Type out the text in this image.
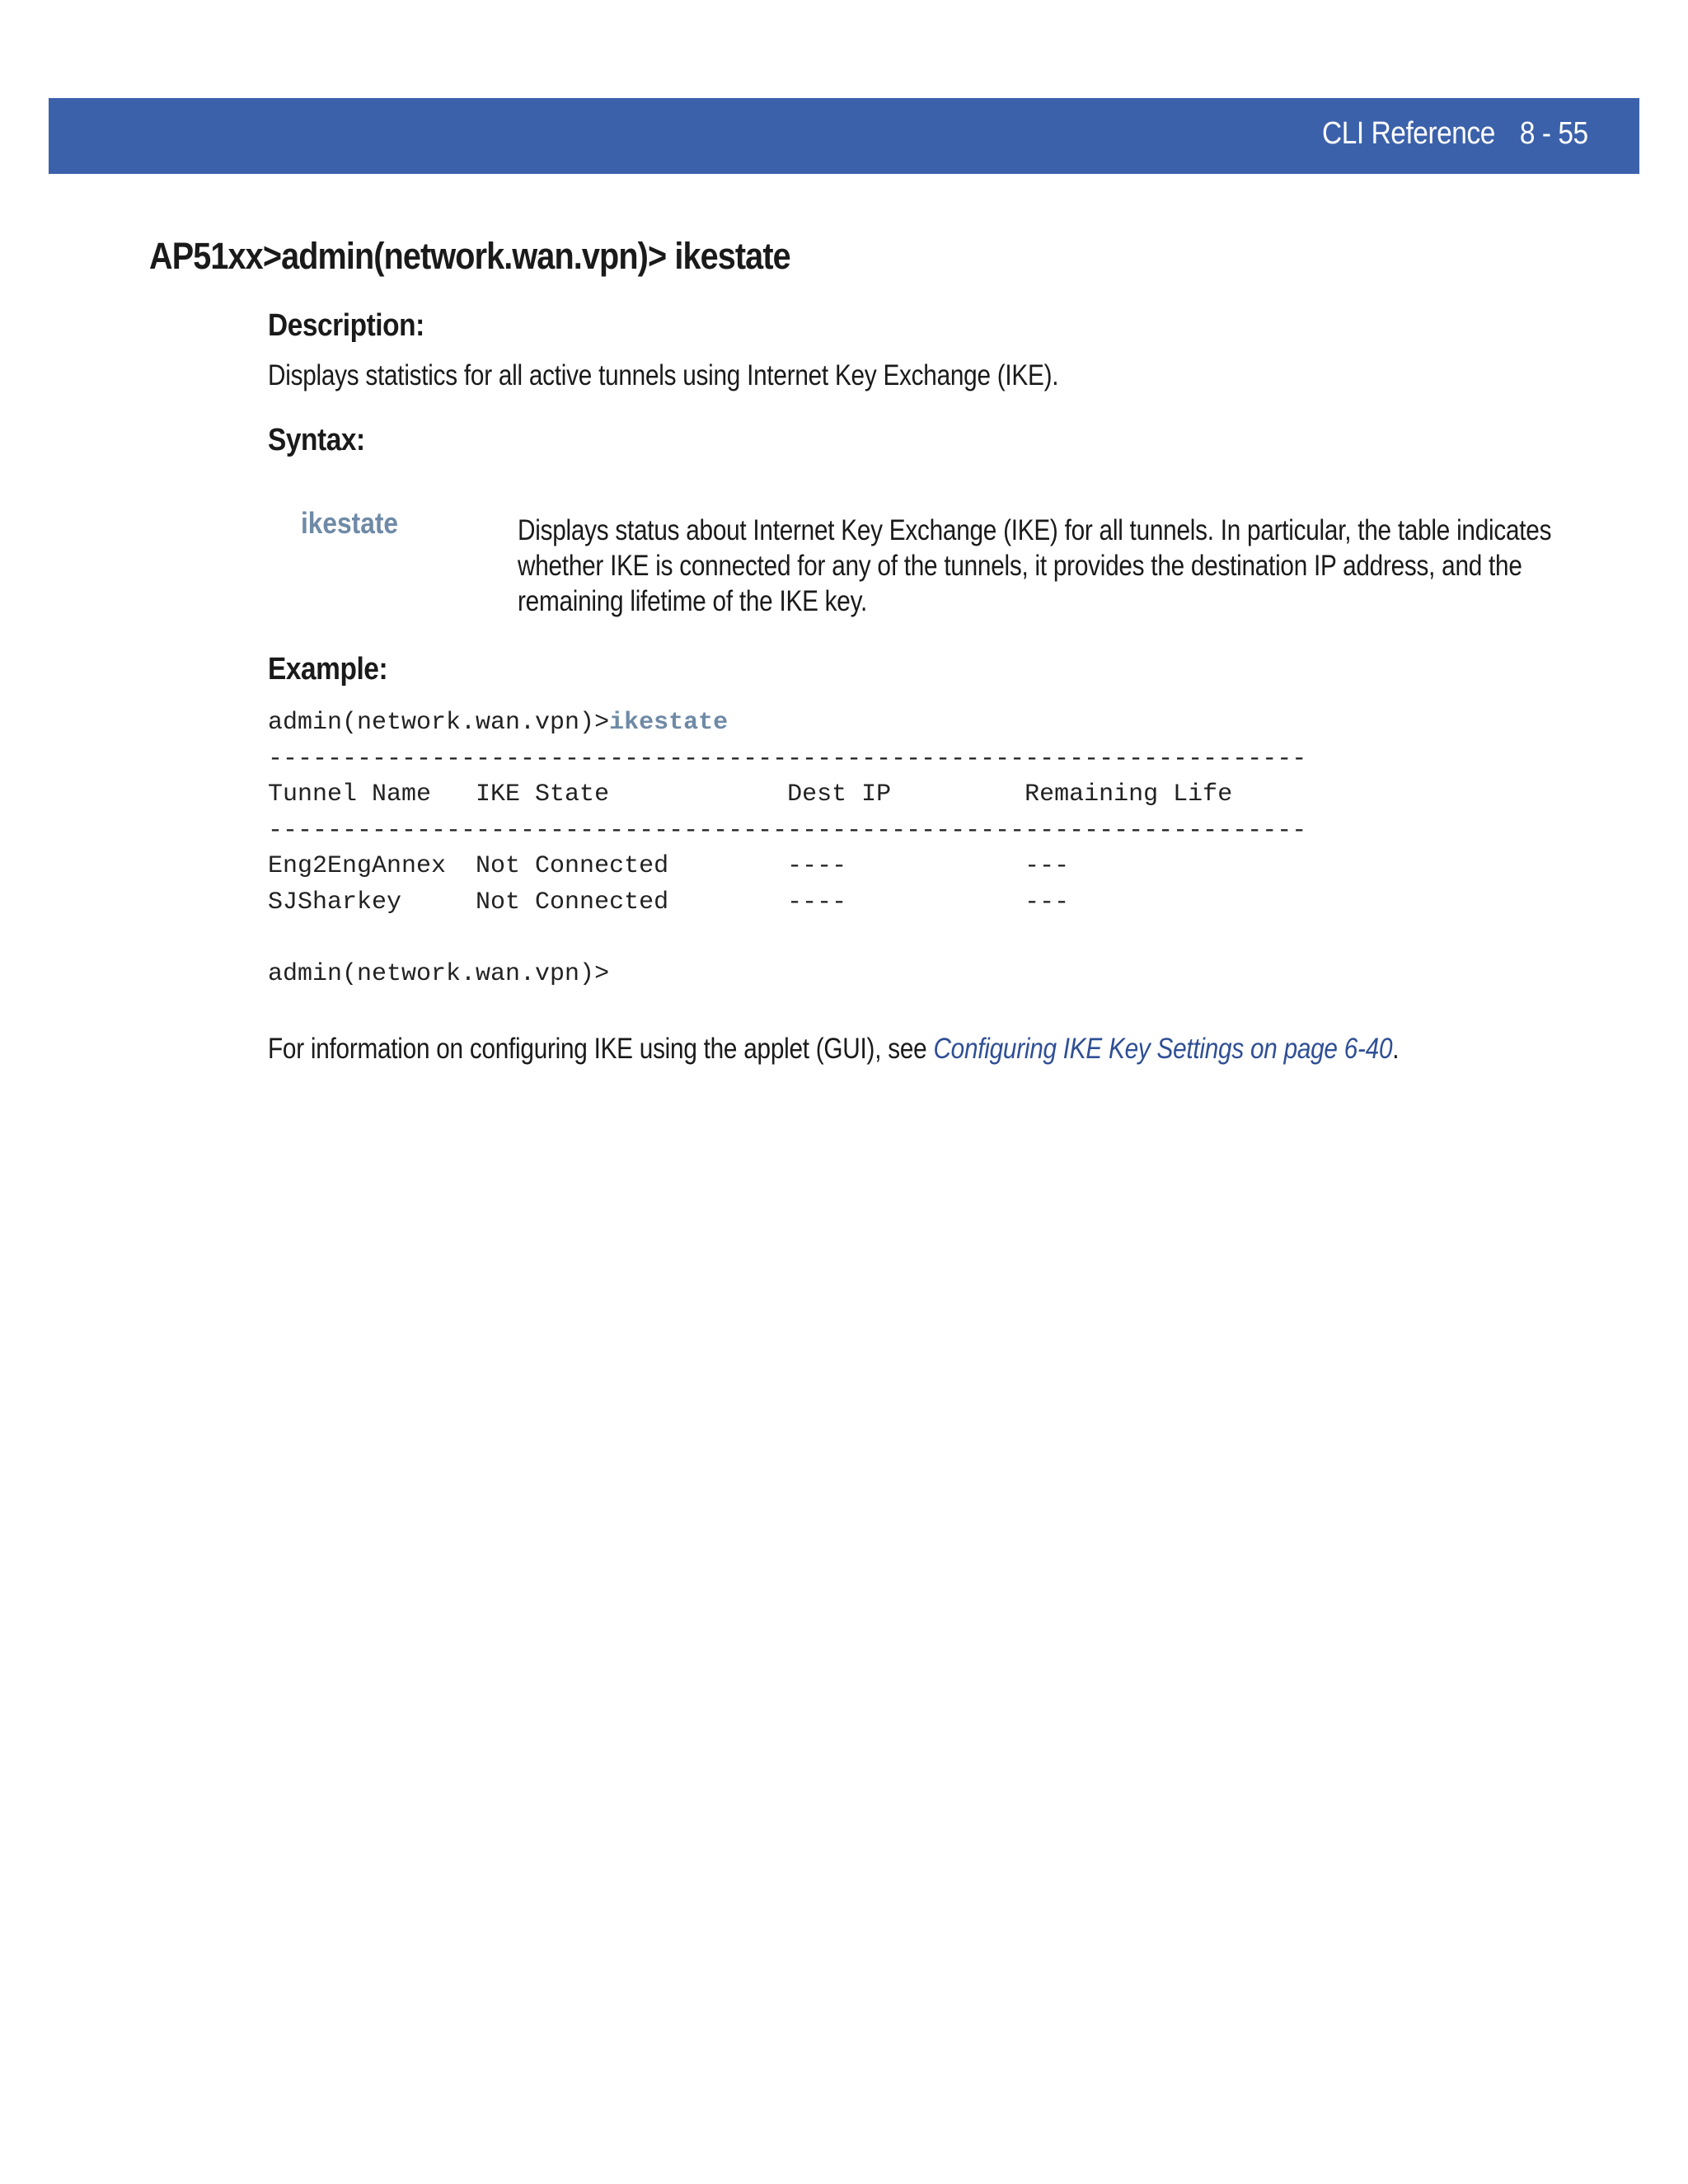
CLI Reference 8 - 55
AP51xx>admin(network.wan.vpn)> ikestate
Description:

Displays statistics for all active tunnels using Internet Key Exchange (IKE).

Syntax:
ikestate	Displays status about Internet Key Exchange (IKE) for all tunnels. In particular, the table indicates whether IKE is connected for any of the tunnels, it provides the destination IP address, and the remaining lifetime of the IKE key.
Example:
admin(network.wan.vpn)>ikestate
----------------------------------------------------------------------
Tunnel Name   IKE State            Dest IP         Remaining Life
----------------------------------------------------------------------
Eng2EngAnnex  Not Connected        ----            ---
SJSharkey     Not Connected        ----            ---
admin(network.wan.vpn)>

For information on configuring IKE using the applet (GUI), see Configuring IKE Key Settings on page 6-40.
